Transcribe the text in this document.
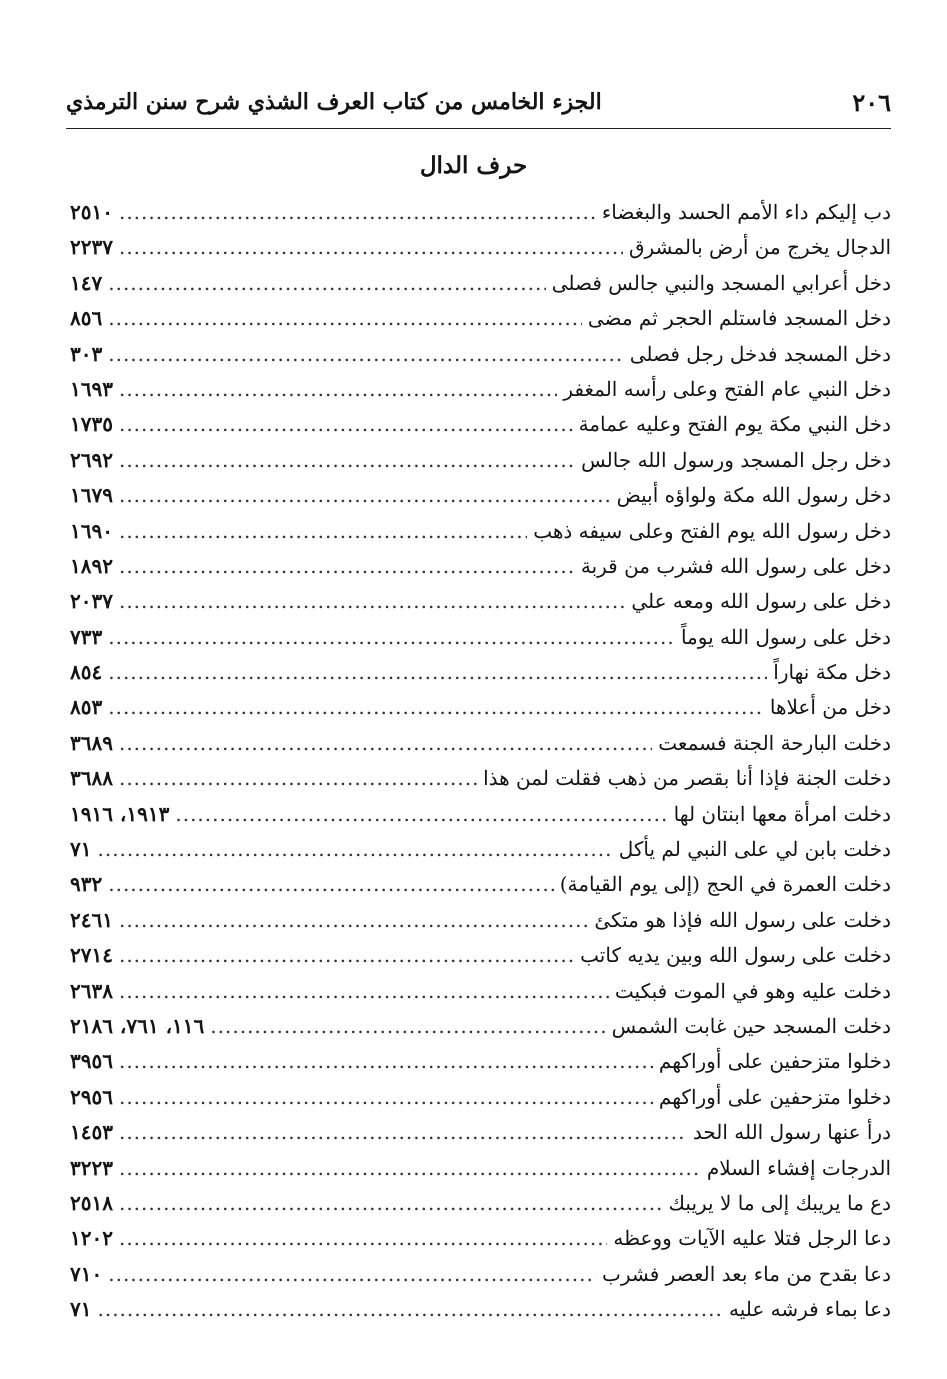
٢٠٦
الجزء الخامس من كتاب العرف الشذي شرح سنن الترمذي
حرف الدال
دب إليكم داء الأمم الحسد والبغضاء
.....
٢٥١٠
الدجال يخرج من أرض بالمشرق
.....
٢٢٣٧
دخل أعرابي المسجد والنبي جالس فصلى
.....
١٤٧
دخل المسجد فاستلم الحجر ثم مضى
.....
٨٥٦
دخل المسجد فدخل رجل فصلى
.....
٣٠٣
دخل النبي عام الفتح وعلى رأسه المغفر
.....
١٦٩٣
دخل النبي مكة يوم الفتح وعليه عمامة
.....
١٧٣٥
دخل رجل المسجد ورسول الله جالس
.....
٢٦٩٢
دخل رسول الله مكة ولواؤه أبيض
.....
١٦٧٩
دخل رسول الله يوم الفتح وعلى سيفه ذهب
.....
١٦٩٠
دخل على رسول الله فشرب من قربة
.....
١٨٩٢
دخل على رسول الله ومعه علي
.....
٢٠٣٧
دخل على رسول الله يوماً
.....
٧٣٣
دخل مكة نهاراً
.....
٨٥٤
دخل من أعلاها
.....
٨٥٣
دخلت البارحة الجنة فسمعت
.....
٣٦٨٩
دخلت الجنة فإذا أنا بقصر من ذهب فقلت لمن هذا
.....
٣٦٨٨
دخلت امرأة معها ابنتان لها
.....
١٩١٣، ١٩١٦
دخلت بابن لي على النبي لم يأكل
.....
٧١
دخلت العمرة في الحج (إلى يوم القيامة)
.....
٩٣٢
دخلت على رسول الله فإذا هو متكئ
.....
٢٤٦١
دخلت على رسول الله وبين يديه كاتب
.....
٢٧١٤
دخلت عليه وهو في الموت فبكيت
.....
٢٦٣٨
دخلت المسجد حين غابت الشمس
.....
١١٦، ٧٦١، ٢١٨٦
دخلوا متزحفين على أوراكهم
.....
٣٩٥٦
دخلوا متزحفين على أوراكهم
.....
٢٩٥٦
درأ عنها رسول الله الحد
.....
١٤٥٣
الدرجات إفشاء السلام
.....
٣٢٢٣
دع ما يريبك إلى ما لا يريبك
.....
٢٥١٨
دعا الرجل فتلا عليه الآيات ووعظه
.....
١٢٠٢
دعا بقدح من ماء بعد العصر فشرب
.....
٧١٠
دعا بماء فرشه عليه
.....
٧١
